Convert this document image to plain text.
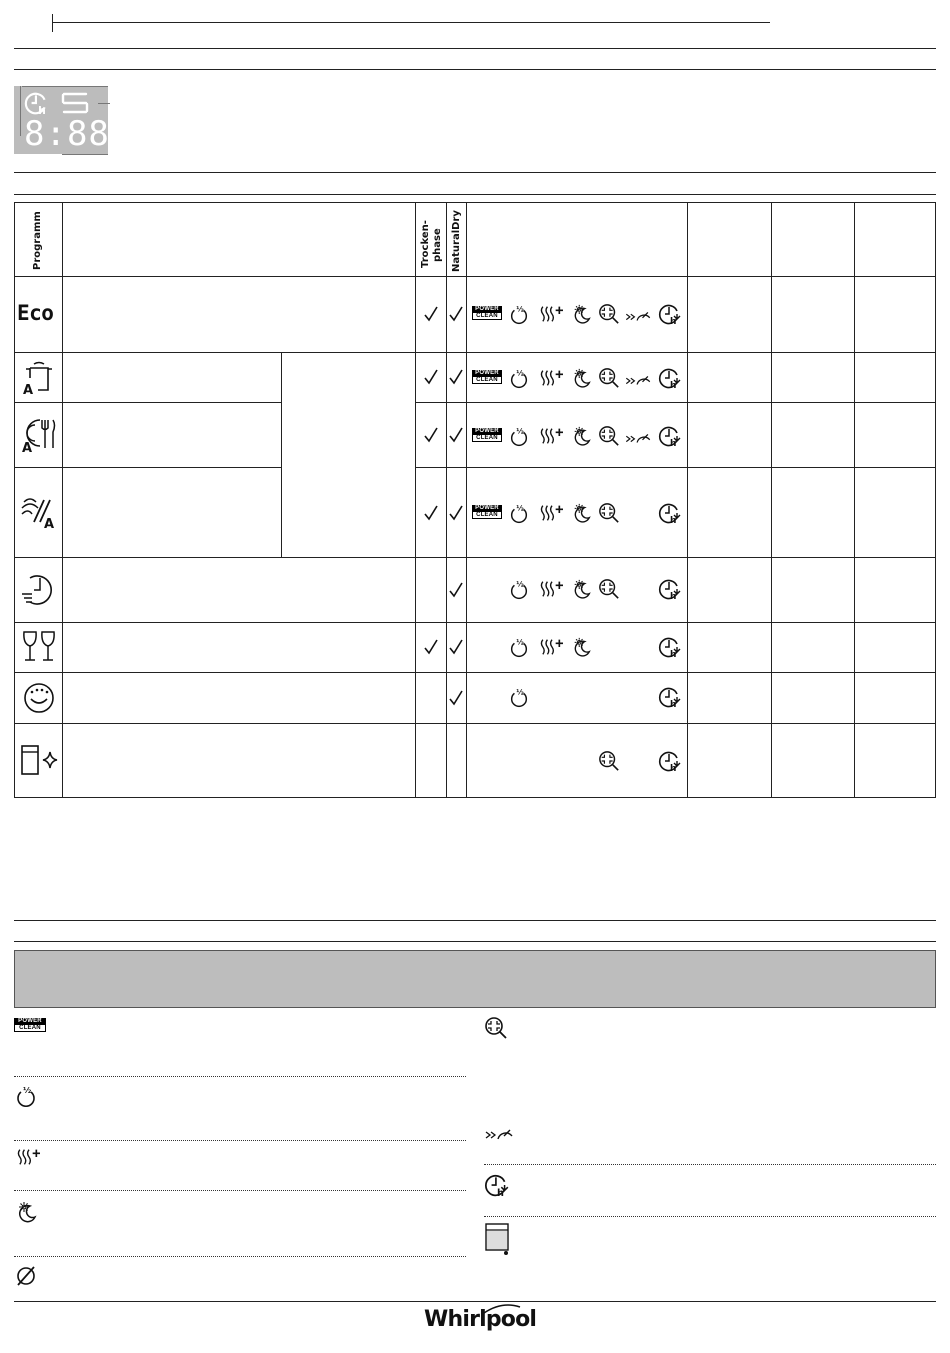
h
8:88
Programm	Trocken- phase NaturalDry
Eco
A
A
A
POWER
CLEAN
POWER
CLEAN
POWER
CLEAN
POWER
CLEAN
POWER
CLEAN
Whirlpool
